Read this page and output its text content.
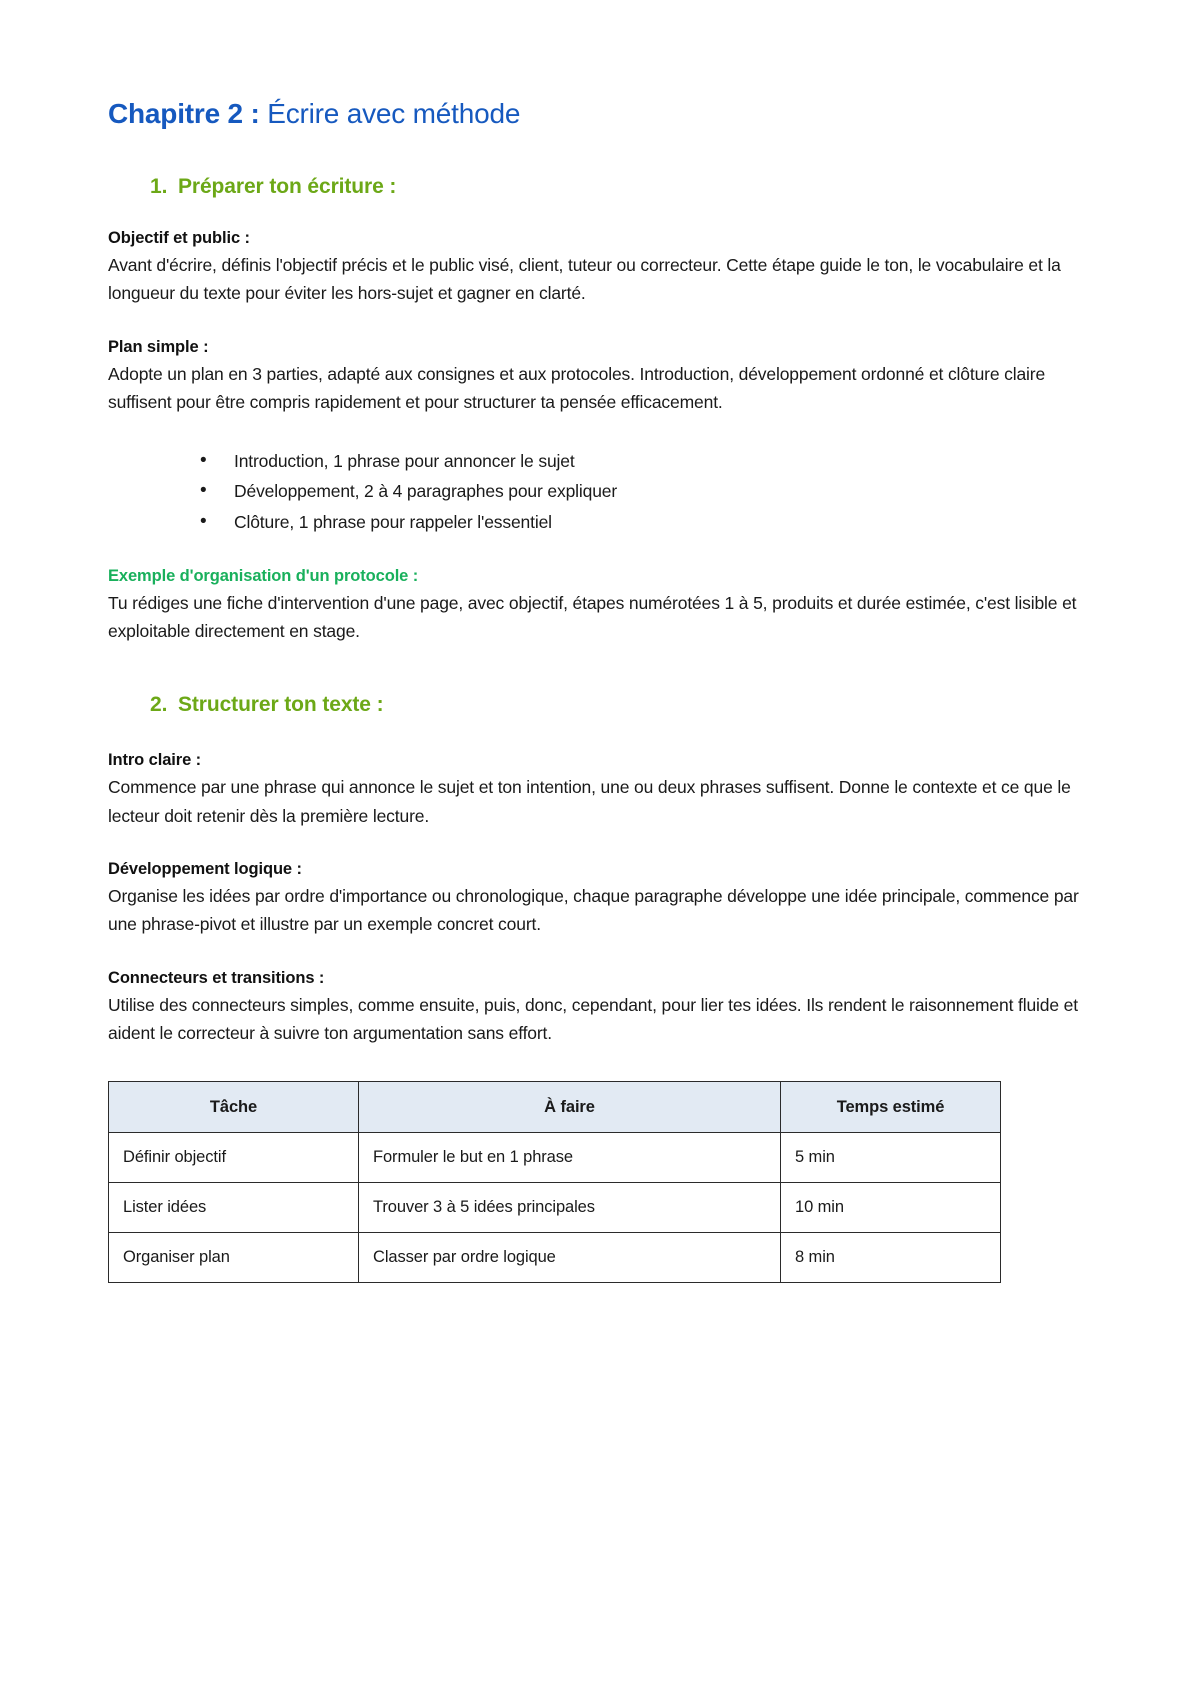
Chapitre 2 : Écrire avec méthode
1. Préparer ton écriture :
Objectif et public :

Avant d'écrire, définis l'objectif précis et le public visé, client, tuteur ou correcteur. Cette étape guide le ton, le vocabulaire et la longueur du texte pour éviter les hors-sujet et gagner en clarté.

Plan simple :

Adopte un plan en 3 parties, adapté aux consignes et aux protocoles. Introduction, développement ordonné et clôture claire suffisent pour être compris rapidement et pour structurer ta pensée efficacement.

• Introduction, 1 phrase pour annoncer le sujet
• Développement, 2 à 4 paragraphes pour expliquer
• Clôture, 1 phrase pour rappeler l'essentiel
Exemple d'organisation d'un protocole :

Tu rédiges une fiche d'intervention d'une page, avec objectif, étapes numérotées 1 à 5, produits et durée estimée, c'est lisible et exploitable directement en stage.

2. Structurer ton texte :
Intro claire :

Commence par une phrase qui annonce le sujet et ton intention, une ou deux phrases suffisent. Donne le contexte et ce que le lecteur doit retenir dès la première lecture.

Développement logique :

Organise les idées par ordre d'importance ou chronologique, chaque paragraphe développe une idée principale, commence par une phrase-pivot et illustre par un exemple concret court.

Connecteurs et transitions :

Utilise des connecteurs simples, comme ensuite, puis, donc, cependant, pour lier tes idées. Ils rendent le raisonnement fluide et aident le correcteur à suivre ton argumentation sans effort.

Tâche	À faire	Temps estimé
Définir objectif	Formuler le but en 1 phrase	5 min
Lister idées	Trouver 3 à 5 idées principales	10 min
Organiser plan	Classer par ordre logique	8 min
